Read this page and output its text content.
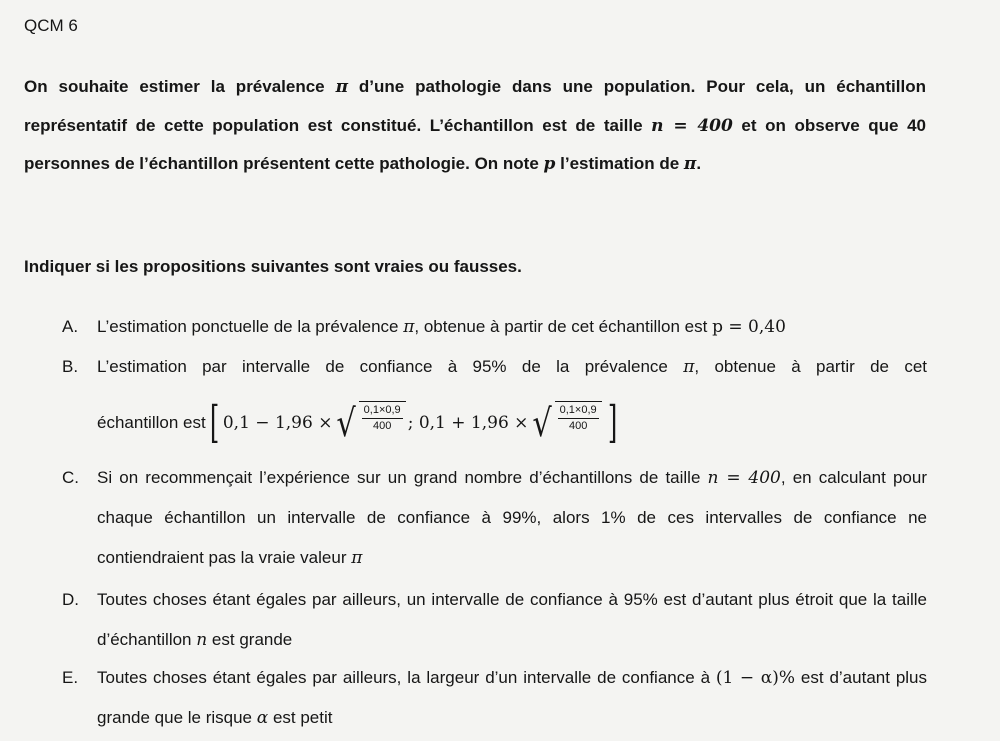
QCM 6

On souhaite estimer la prévalence π d’une pathologie dans une population. Pour cela, un échantillon représentatif de cette population est constitué. L’échantillon est de taille n = 400 et on observe que 40 personnes de l’échantillon présentent cette pathologie. On note p l’estimation de π.

Indiquer si les propositions suivantes sont vraies ou fausses.
A. L’estimation ponctuelle de la prévalence π, obtenue à partir de cet échantillon est p = 0,40
B. L’estimation par intervalle de confiance à 95% de la prévalence π, obtenue à partir de cet
échantillon est [ 0,1 − 1,96 × √ $\frac{0,1\times 0,9}{400}$ ; 0,1 + 1,96 × √ $\frac{0,1\times 0,9}{400}$ ]
C. Si on recommençait l’expérience sur un grand nombre d’échantillons de taille n = 400, en calculant pour chaque échantillon un intervalle de confiance à 99%, alors 1% de ces intervalles de confiance ne contiendraient pas la vraie valeur π
D. Toutes choses étant égales par ailleurs, un intervalle de confiance à 95% est d’autant plus étroit que la taille d’échantillon n est grande
E. Toutes choses étant égales par ailleurs, la largeur d’un intervalle de confiance à (1 − α)% est d’autant plus grande que le risque α est petit
